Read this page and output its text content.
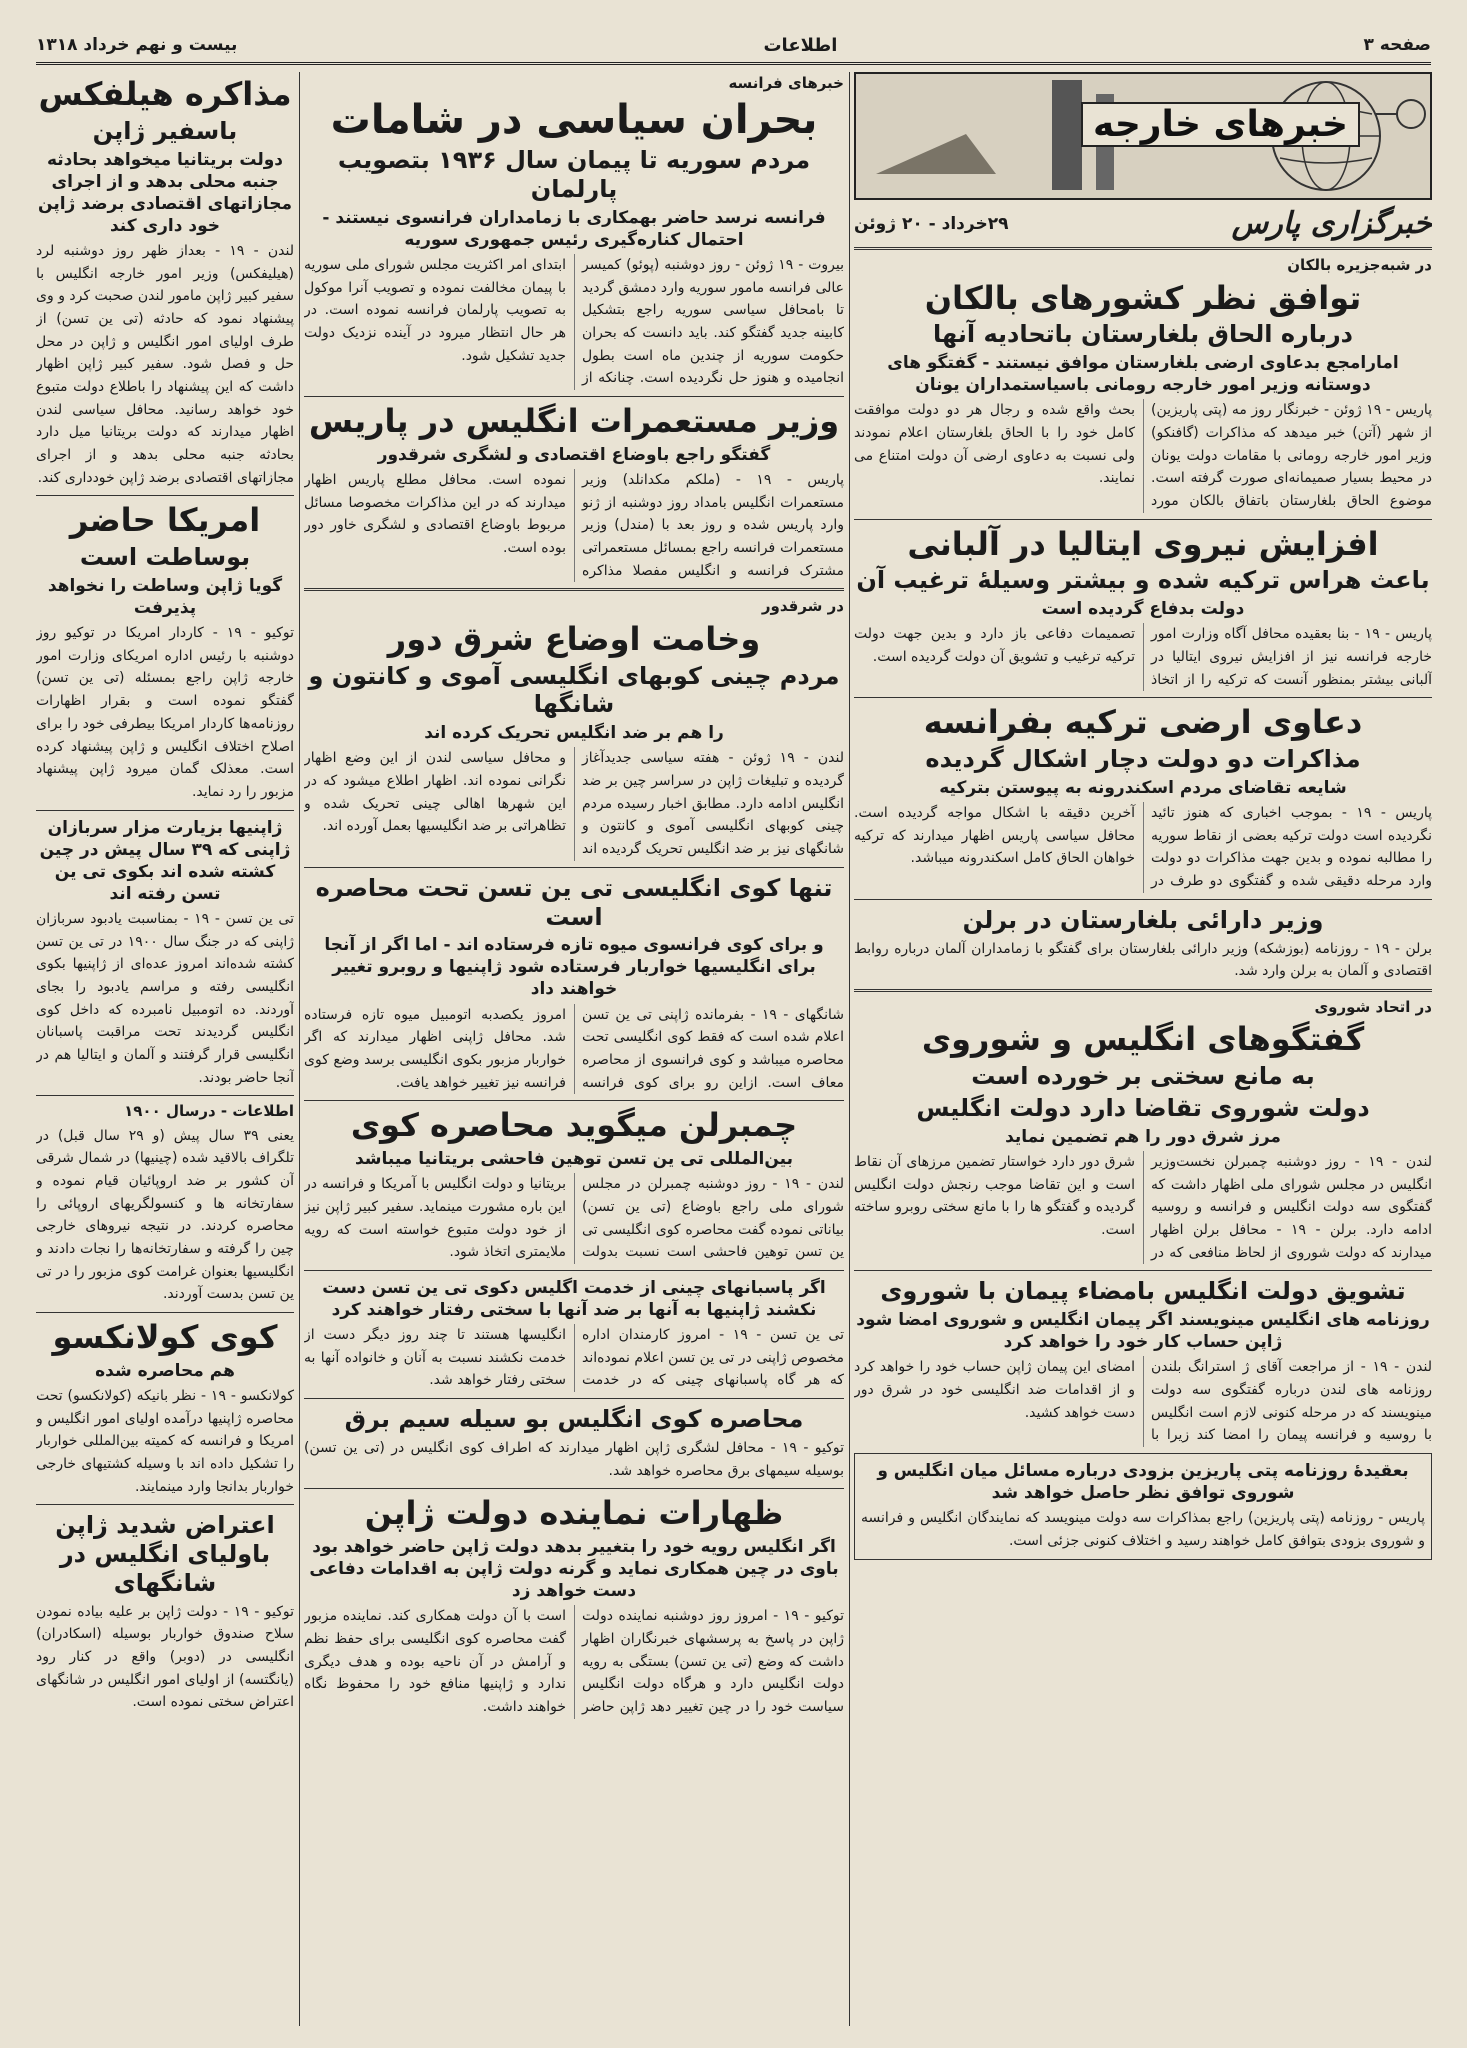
صفحه ۳
اطلاعات
بیست و نهم خرداد ۱۳۱۸
خبرهای خارجه
خبرگزاری پارس
۲۹خرداد - ۲۰ ژوئن
در شبه‌جزیره بالکان
توافق نظر کشورهای بالکان
درباره الحاق بلغارستان باتحادیه آنها
امارامجع بدعاوی ارضی بلغارستان موافق نیستند - گفتگو های دوستانه وزیر امور خارجه رومانی باسیاستمداران یونان
پاریس - ۱۹ ژوئن - خبرنگار روز مه (پتی پاریزین) از شهر (آتن) خبر میدهد که مذاکرات (گافنکو) وزیر امور خارجه رومانی با مقامات دولت یونان در محیط بسیار صمیمانه‌ای صورت گرفته است. موضوع الحاق بلغارستان باتفاق بالکان مورد بحث واقع شده و رجال هر دو دولت موافقت کامل خود را با الحاق بلغارستان اعلام نمودند ولی نسبت به دعاوی ارضی آن دولت امتناع می نمایند.
افزایش نیروی ایتالیا در آلبانی
باعث هراس ترکیه شده و بیشتر وسیلهٔ ترغیب آن
دولت بدفاع گردیده است
پاریس - ۱۹ - بنا بعقیده محافل آگاه وزارت امور خارجه فرانسه نیز از افزایش نیروی ایتالیا در آلبانی بیشتر بمنظور آنست که ترکیه را از اتخاذ تصمیمات دفاعی باز دارد و بدین جهت دولت ترکیه ترغیب و تشویق آن دولت گردیده است.
دعاوی ارضی ترکیه بفرانسه
مذاکرات دو دولت دچار اشکال گردیده
شایعه تقاضای مردم اسکندرونه به پیوستن بترکیه
پاریس - ۱۹ - بموجب اخباری که هنوز تائید نگردیده است دولت ترکیه بعضی از نقاط سوریه را مطالبه نموده و بدین جهت مذاکرات دو دولت وارد مرحله دقیقی شده و گفتگوی دو طرف در آخرین دقیقه با اشکال مواجه گردیده است. محافل سیاسی پاریس اظهار میدارند که ترکیه خواهان الحاق کامل اسکندرونه میباشد.
وزیر دارائی بلغارستان در برلن
برلن - ۱۹ - روزنامه (بوزشکه) وزیر دارائی بلغارستان برای گفتگو با زمامداران آلمان درباره روابط اقتصادی و آلمان به برلن وارد شد.
در اتحاد شوروی
گفتگوهای انگلیس و شوروی
به مانع سختی بر خورده است
دولت شوروی تقاضا دارد دولت انگلیس
مرز شرق دور را هم تضمین نماید
لندن - ۱۹ - روز دوشنبه چمبرلن نخست‌وزیر انگلیس در مجلس شورای ملی اظهار داشت که گفتگوی سه دولت انگلیس و فرانسه و روسیه ادامه دارد. برلن - ۱۹ - محافل برلن اظهار میدارند که دولت شوروی از لحاظ منافعی که در شرق دور دارد خواستار تضمین مرزهای آن نقاط است و این تقاضا موجب رنجش دولت انگلیس گردیده و گفتگو ها را با مانع سختی روبرو ساخته است.
تشویق دولت انگلیس بامضاء پیمان با شوروی
روزنامه های انگلیس مینویسند اگر پیمان انگلیس و شوروی امضا شود ژاپن حساب کار خود را خواهد کرد
لندن - ۱۹ - از مراجعت آقای ژ استرانگ بلندن روزنامه های لندن درباره گفتگوی سه دولت مینویسند که در مرحله کنونی لازم است انگلیس با روسیه و فرانسه پیمان را امضا کند زیرا با امضای این پیمان ژاپن حساب خود را خواهد کرد و از اقدامات ضد انگلیسی خود در شرق دور دست خواهد کشید.
بعقیدهٔ روزنامه پتی پاریزین بزودی درباره مسائل میان انگلیس و شوروی توافق نظر حاصل خواهد شد
پاریس - روزنامه (پتی پاریزین) راجع بمذاکرات سه دولت مینویسد که نمایندگان انگلیس و فرانسه و شوروی بزودی بتوافق کامل خواهند رسید و اختلاف کنونی جزئی است.
خبرهای فرانسه
بحران سیاسی در شامات
مردم سوریه تا پیمان سال ۱۹۳۶ بتصویب پارلمان
فرانسه نرسد حاضر بهمکاری با زمامداران فرانسوی نیستند - احتمال کناره‌گیری رئیس جمهوری سوریه
بیروت - ۱۹ ژوئن - روز دوشنبه (پوئو) کمیسر عالی فرانسه مامور سوریه وارد دمشق گردید تا بامحافل سیاسی سوریه راجع بتشکیل کابینه جدید گفتگو کند. باید دانست که بحران حکومت سوریه از چندین ماه است بطول انجامیده و هنوز حل نگردیده است. چنانکه از ابتدای امر اکثریت مجلس شورای ملی سوریه با پیمان مخالفت نموده و تصویب آنرا موکول به تصویب پارلمان فرانسه نموده است. در هر حال انتظار میرود در آینده نزدیک دولت جدید تشکیل شود.
وزیر مستعمرات انگلیس در پاریس
گفتگو راجع باوضاع اقتصادی و لشگری شرقدور
پاریس - ۱۹ - (ملکم مکدانلد) وزیر مستعمرات انگلیس بامداد روز دوشنبه از ژنو وارد پاریس شده و روز بعد با (مندل) وزیر مستعمرات فرانسه راجع بمسائل مستعمراتی مشترک فرانسه و انگلیس مفصلا مذاکره نموده است. محافل مطلع پاریس اظهار میدارند که در این مذاکرات مخصوصا مسائل مربوط باوضاع اقتصادی و لشگری خاور دور بوده است.
در شرقدور
وخامت اوضاع شرق دور
مردم چینی کوبهای انگلیسی آموی و کانتون و شانگها
را هم بر ضد انگلیس تحریک کرده اند
لندن - ۱۹ ژوئن - هفته سیاسی جدیدآغاز گردیده و تبلیغات ژاپن در سراسر چین بر ضد انگلیس ادامه دارد. مطابق اخبار رسیده مردم چینی کوبهای انگلیسی آموی و کانتون و شانگهای نیز بر ضد انگلیس تحریک گردیده اند و محافل سیاسی لندن از این وضع اظهار نگرانی نموده اند. اظهار اطلاع میشود که در این شهرها اهالی چینی تحریک شده و تظاهراتی بر ضد انگلیسیها بعمل آورده اند.
تنها کوی انگلیسی تی ین تسن تحت محاصره است
و برای کوی فرانسوی میوه تازه فرستاده اند - اما اگر از آنجا برای انگلیسیها خواربار فرستاده شود ژاپنیها و روبرو تغییر خواهند داد
شانگهای - ۱۹ - بفرمانده ژاپنی تی ین تسن اعلام شده است که فقط کوی انگلیسی تحت محاصره میباشد و کوی فرانسوی از محاصره معاف است. ازاین رو برای کوی فرانسه امروز یکصدبه اتومبیل میوه تازه فرستاده شد. محافل ژاپنی اظهار میدارند که اگر خواربار مزبور بکوی انگلیسی برسد وضع کوی فرانسه نیز تغییر خواهد یافت.
چمبرلن میگوید محاصره کوی
بین‌المللی تی ین تسن توهین فاحشی بریتانیا میباشد
لندن - ۱۹ - روز دوشنبه چمبرلن در مجلس شورای ملی راجع باوضاع (تی ین تسن) بیاناتی نموده گفت محاصره کوی انگلیسی تی ین تسن توهین فاحشی است نسبت بدولت بریتانیا و دولت انگلیس با آمریکا و فرانسه در این باره مشورت مینماید. سفیر کبیر ژاپن نیز از خود دولت متبوع خواسته است که رویه ملایمتری اتخاذ شود.
اگر پاسبانهای چینی از خدمت اگلیس دکوی تی ین تسن دست نکشند ژاپنیها به آنها بر ضد آنها با سختی رفتار خواهند کرد
تی ین تسن - ۱۹ - امروز کارمندان اداره مخصوص ژاپنی در تی ین تسن اعلام نموده‌اند که هر گاه پاسبانهای چینی که در خدمت انگلیسها هستند تا چند روز دیگر دست از خدمت نکشند نسبت به آنان و خانواده آنها به سختی رفتار خواهد شد.
محاصره کوی انگلیس بو سیله سیم برق
توکیو - ۱۹ - محافل لشگری ژاپن اظهار میدارند که اطراف کوی انگلیس در (تی ین تسن) بوسیله سیمهای برق محاصره خواهد شد.
ظهارات نماینده دولت ژاپن
اگر انگلیس رویه خود را بتغییر بدهد دولت ژاپن حاضر خواهد بود باوی در چین همکاری نماید و گرنه دولت ژاپن به اقدامات دفاعی دست خواهد زد
توکیو - ۱۹ - امروز روز دوشنبه نماینده دولت ژاپن در پاسخ به پرسشهای خبرنگاران اظهار داشت که وضع (تی ین تسن) بستگی به رویه دولت انگلیس دارد و هرگاه دولت انگلیس سیاست خود را در چین تغییر دهد ژاپن حاضر است با آن دولت همکاری کند. نماینده مزبور گفت محاصره کوی انگلیسی برای حفظ نظم و آرامش در آن ناحیه بوده و هدف دیگری ندارد و ژاپنیها منافع خود را محفوظ نگاه خواهند داشت.
مذاکره هیلفکس
باسفیر ژاپن
دولت بریتانیا میخواهد بحادثه جنبه محلی بدهد و از اجرای مجازاتهای اقتصادی برضد ژاپن خود داری کند
لندن - ۱۹ - بعداز ظهر روز دوشنبه لرد (هیلیفکس) وزیر امور خارجه انگلیس با سفیر کبیر ژاپن مامور لندن صحبت کرد و وی پیشنهاد نمود که حادثه (تی ین تسن) از طرف اولیای امور انگلیس و ژاپن در محل حل و فصل شود. سفیر کبیر ژاپن اظهار داشت که این پیشنهاد را باطلاع دولت متبوع خود خواهد رسانید. محافل سیاسی لندن اظهار میدارند که دولت بریتانیا میل دارد بحادثه جنبه محلی بدهد و از اجرای مجازاتهای اقتصادی برضد ژاپن خودداری کند.
امریکا حاضر
بوساطت است
گویا ژاپن وساطت را نخواهد پذیرفت
توکیو - ۱۹ - کاردار امریکا در توکیو روز دوشنبه با رئیس اداره امریکای وزارت امور خارجه ژاپن راجع بمسئله (تی ین تسن) گفتگو نموده است و بقرار اظهارات روزنامه‌ها کاردار امریکا بیطرفی خود را برای اصلاح اختلاف انگلیس و ژاپن پیشنهاد کرده است. معذلک گمان میرود ژاپن پیشنهاد مزبور را رد نماید.
ژاپنیها بزیارت مزار سربازان ژاپنی که ۳۹ سال پیش در چین کشته شده اند بکوی تی ین تسن رفته اند
تی ین تسن - ۱۹ - بمناسبت یادبود سربازان ژاپنی که در جنگ سال ۱۹۰۰ در تی ین تسن کشته شده‌اند امروز عده‌ای از ژاپنیها بکوی انگلیسی رفته و مراسم یادبود را بجای آوردند. ده اتومبیل نامبرده که داخل کوی انگلیس گردیدند تحت مراقبت پاسبانان انگلیسی قرار گرفتند و آلمان و ایتالیا هم در آنجا حاضر بودند.
اطلاعات - درسال ۱۹۰۰
یعنی ۳۹ سال پیش (و ۲۹ سال قبل) در تلگراف بالاقید شده (چینیها) در شمال شرقی آن کشور بر ضد اروپائیان قیام نموده و سفارتخانه ها و کنسولگریهای اروپائی را محاصره کردند. در نتیجه نیروهای خارجی چین را گرفته و سفارتخانه‌ها را نجات دادند و انگلیسیها بعنوان غرامت کوی مزبور را در تی ین تسن بدست آوردند.
کوی کولانکسو
هم محاصره شده
کولانکسو - ۱۹ - نظر بانیکه (کولانکسو) تحت محاصره ژاپنیها درآمده اولیای امور انگلیس و امریکا و فرانسه که کمیته بین‌المللی خواربار را تشکیل داده اند با وسیله کشتیهای خارجی خواربار بدانجا وارد مینمایند.
اعتراض شدید ژاپن باولیای انگلیس در شانگهای
توکیو - ۱۹ - دولت ژاپن بر علیه بیاده نمودن سلاح صندوق خواربار بوسیله (اسکادران) انگلیسی در (دوبر) واقع در کنار رود (یانگتسه) از اولیای امور انگلیس در شانگهای اعتراض سختی نموده است.
